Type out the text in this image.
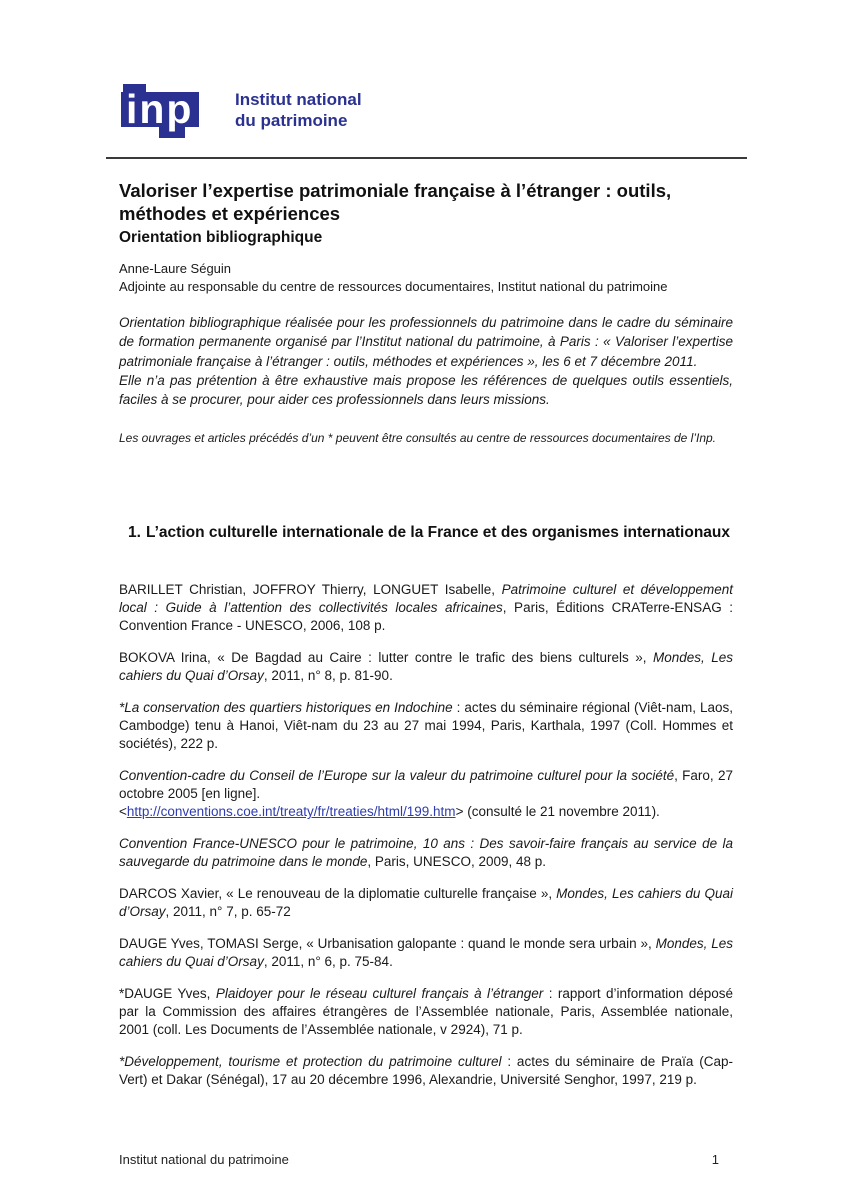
inp Institut national
du patrimoine
Valoriser l’expertise patrimoniale française à l’étranger : outils,
méthodes et expériences
Orientation bibliographique
Anne-Laure Séguin
Adjointe au responsable du centre de ressources documentaires, Institut national du patrimoine

Orientation bibliographique réalisée pour les professionnels du patrimoine dans le cadre du séminaire de formation permanente organisé par l’Institut national du patrimoine, à Paris : « Valoriser l’expertise patrimoniale française à l’étranger : outils, méthodes et expériences », les 6 et 7 décembre 2011.

Elle n’a pas prétention à être exhaustive mais propose les références de quelques outils essentiels, faciles à se procurer, pour aider ces professionnels dans leurs missions.

Les ouvrages et articles précédés d’un * peuvent être consultés au centre de ressources documentaires de l’Inp.
1. L’action culturelle internationale de la France et des organismes internationaux

BARILLET Christian, JOFFROY Thierry, LONGUET Isabelle, Patrimoine culturel et développement local : Guide à l’attention des collectivités locales africaines, Paris, Éditions CRATerre-ENSAG : Convention France - UNESCO, 2006, 108 p.

BOKOVA Irina, « De Bagdad au Caire : lutter contre le trafic des biens culturels », Mondes, Les cahiers du Quai d’Orsay, 2011, n° 8, p. 81-90.

*La conservation des quartiers historiques en Indochine : actes du séminaire régional (Viêt-nam, Laos, Cambodge) tenu à Hanoi, Viêt-nam du 23 au 27 mai 1994, Paris, Karthala, 1997 (Coll. Hommes et sociétés), 222 p.

Convention-cadre du Conseil de l’Europe sur la valeur du patrimoine culturel pour la société, Faro, 27 octobre 2005 [en ligne].
<http://conventions.coe.int/treaty/fr/treaties/html/199.htm> (consulté le 21 novembre 2011).

Convention France-UNESCO pour le patrimoine, 10 ans : Des savoir-faire français au service de la sauvegarde du patrimoine dans le monde, Paris, UNESCO, 2009, 48 p.

DARCOS Xavier, « Le renouveau de la diplomatie culturelle française », Mondes, Les cahiers du Quai d’Orsay, 2011, n° 7, p. 65-72

DAUGE Yves, TOMASI Serge, « Urbanisation galopante : quand le monde sera urbain », Mondes, Les cahiers du Quai d’Orsay, 2011, n° 6, p. 75-84.

*DAUGE Yves, Plaidoyer pour le réseau culturel français à l’étranger : rapport d’information déposé par la Commission des affaires étrangères de l’Assemblée nationale, Paris, Assemblée nationale, 2001 (coll. Les Documents de l’Assemblée nationale, v 2924), 71 p.

*Développement, tourisme et protection du patrimoine culturel : actes du séminaire de Praïa (Cap-Vert) et Dakar (Sénégal), 17 au 20 décembre 1996, Alexandrie, Université Senghor, 1997, 219 p.

Institut national du patrimoine	1
